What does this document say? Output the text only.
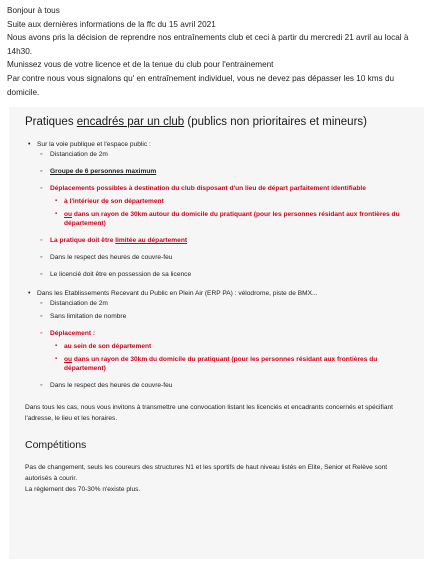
Bonjour à tous

Suite aux dernières informations de la ffc du 15 avril 2021

Nous avons pris la décision de reprendre nos entraînements club et ceci à partir du mercredi 21 avril au local à 14h30.

Munissez vous de votre licence et de la tenue du club pour l'entrainement

Par contre nous vous signalons qu' en entraînement individuel, vous ne devez pas dépasser les 10 kms du domicile.

Pratiques encadrés par un club (publics non prioritaires et mineurs)
• Sur la voie publique et l'espace public :
◦ Distanciation de 2m
◦ Groupe de 6 personnes maximum
◦ Déplacements possibles à destination du club disposant d'un lieu de départ parfaitement identifiable
▪ à l'intérieur de son département
▪ ou dans un rayon de 30km autour du domicile du pratiquant (pour les personnes résidant aux frontières du département)
◦ La pratique doit être limitée au département
◦ Dans le respect des heures de couvre-feu
◦ Le licencié doit être en possession de sa licence
• Dans les Etablissements Recevant du Public en Plein Air (ERP PA) : vélodrome, piste de BMX...
◦ Distanciation de 2m
◦ Sans limitation de nombre
◦ Déplacement :
▪ au sein de son département
▪ ou dans un rayon de 30km du domicile du pratiquant (pour les personnes résidant aux frontières du département)
◦ Dans le respect des heures de couvre-feu

Dans tous les cas, nous vous invitons à transmettre une convocation listant les licenciés et encadrants concernés et spécifiant l'adresse, le lieu et les horaires.

Compétitions

Pas de changement, seuls les coureurs des structures N1 et les sportifs de haut niveau listés en Elite, Senior et Relève sont autorisés à courir.

La règlement des 70-30% n'existe plus.
